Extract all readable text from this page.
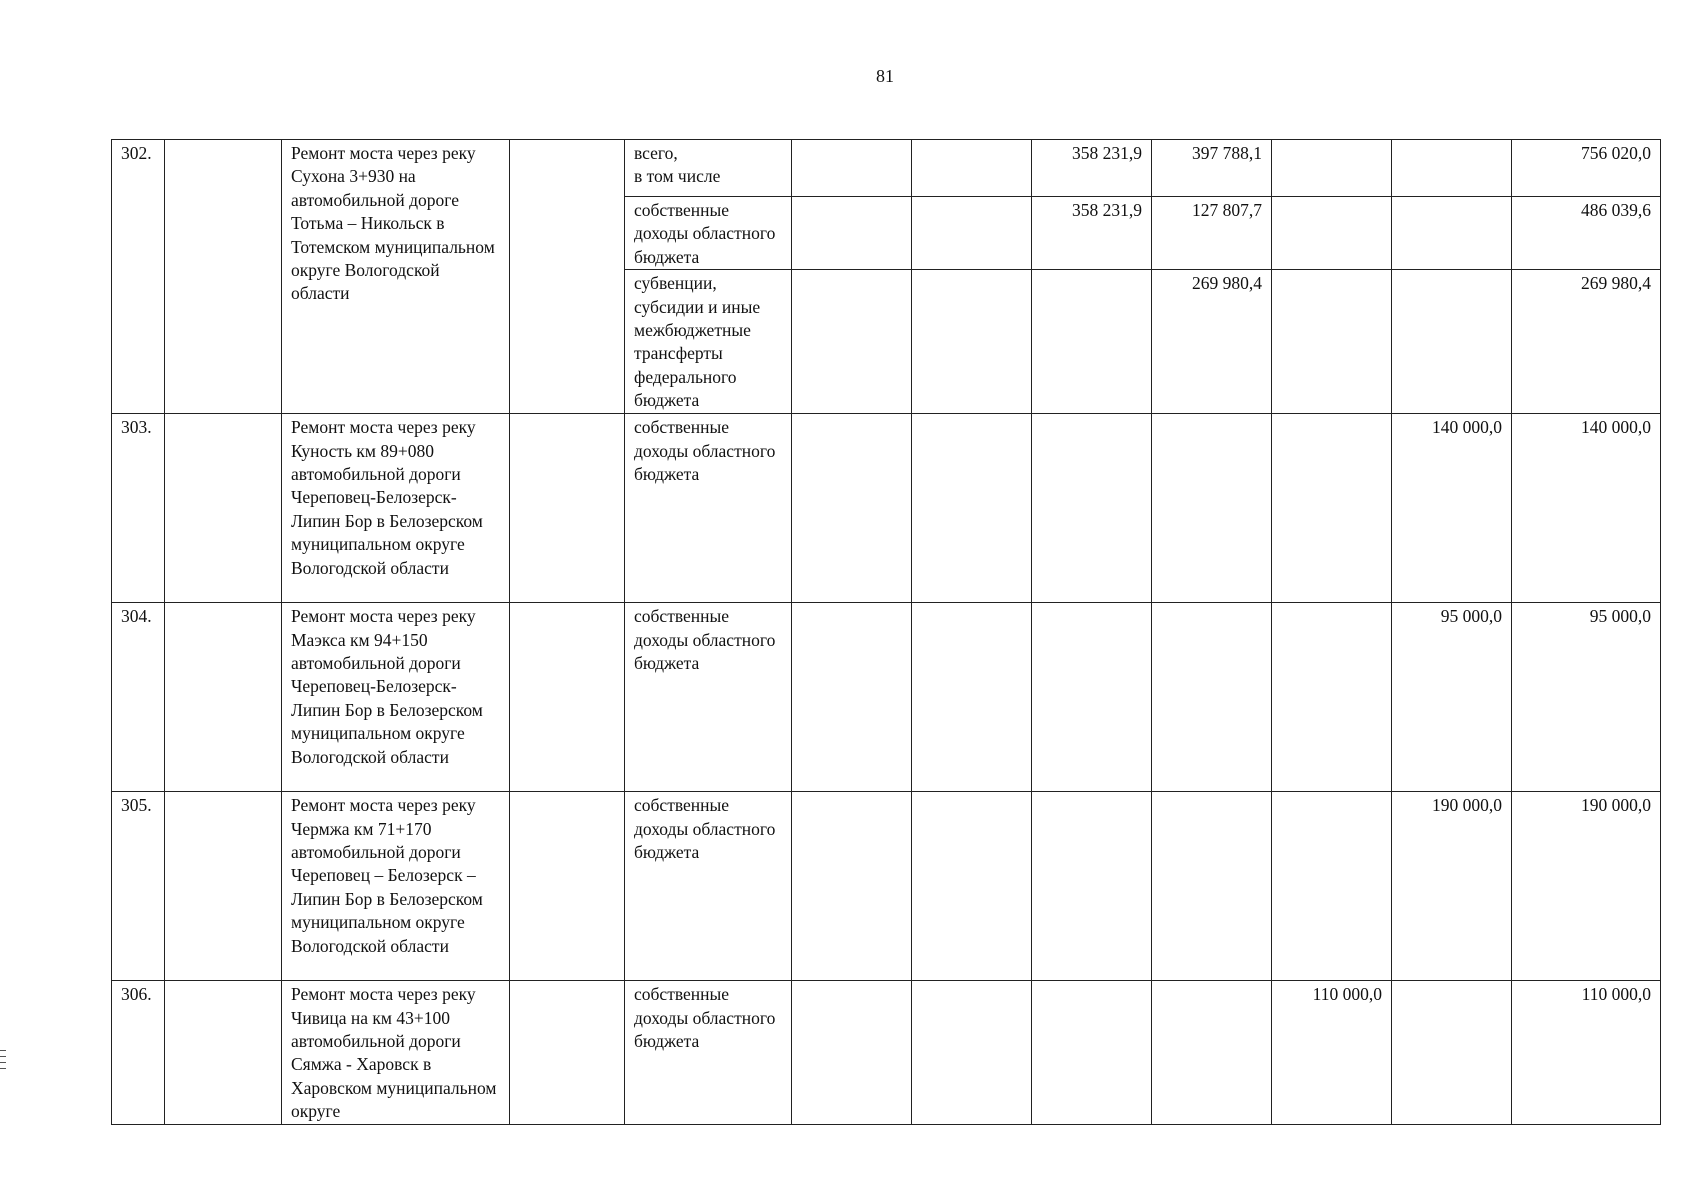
81
302.		Ремонт моста через реку Сухона 3+930 на автомобильной дороге Тотьма – Никольск в Тотемском муниципальном округе Вологодской области		всего,
в том числе			358 231,9	397 788,1			756 020,0
				собственные доходы областного бюджета			358 231,9	127 807,7			486 039,6
				субвенции, субсидии и иные межбюджетные трансферты федерального бюджета				269 980,4			269 980,4
303.		Ремонт моста через реку Куность км 89+080 автомобильной дороги Череповец-Белозерск-Липин Бор в Белозерском муниципальном округе Вологодской области		собственные доходы областного бюджета						140 000,0	140 000,0
304.		Ремонт моста через реку Маэкса км 94+150 автомобильной дороги Череповец-Белозерск-Липин Бор в Белозерском муниципальном округе Вологодской области		собственные доходы областного бюджета						95 000,0	95 000,0
305.		Ремонт моста через реку Чермжа км 71+170 автомобильной дороги Череповец – Белозерск – Липин Бор в Белозерском муниципальном округе Вологодской области		собственные доходы областного бюджета						190 000,0	190 000,0
306.		Ремонт моста через реку Чивица на км 43+100 автомобильной дороги Сямжа - Харовск в Харовском муниципальном округе		собственные доходы областного бюджета					110 000,0		110 000,0
